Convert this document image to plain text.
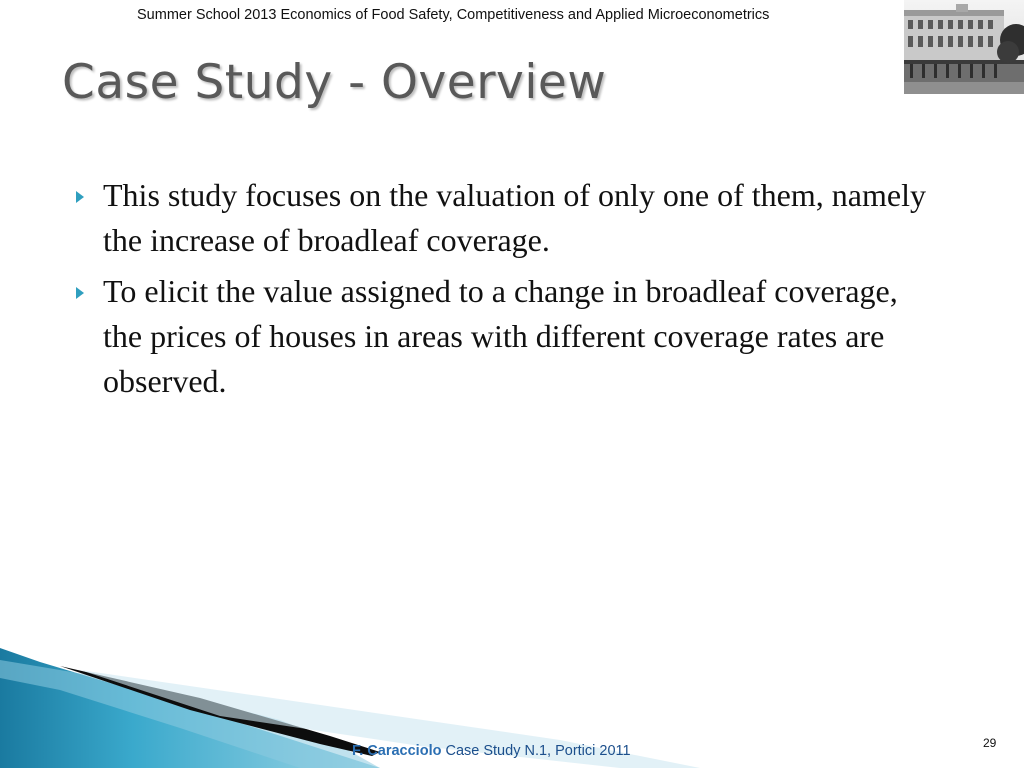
Summer School 2013 Economics of Food Safety, Competitiveness and Applied Microeconometrics
Case Study - Overview
This study focuses on the valuation of only one of them, namely the increase of broadleaf coverage.
To elicit the value assigned to a change in broadleaf coverage, the prices of houses in areas with different coverage rates are observed.
F. Caracciolo Case Study N.1, Portici 2011	29
